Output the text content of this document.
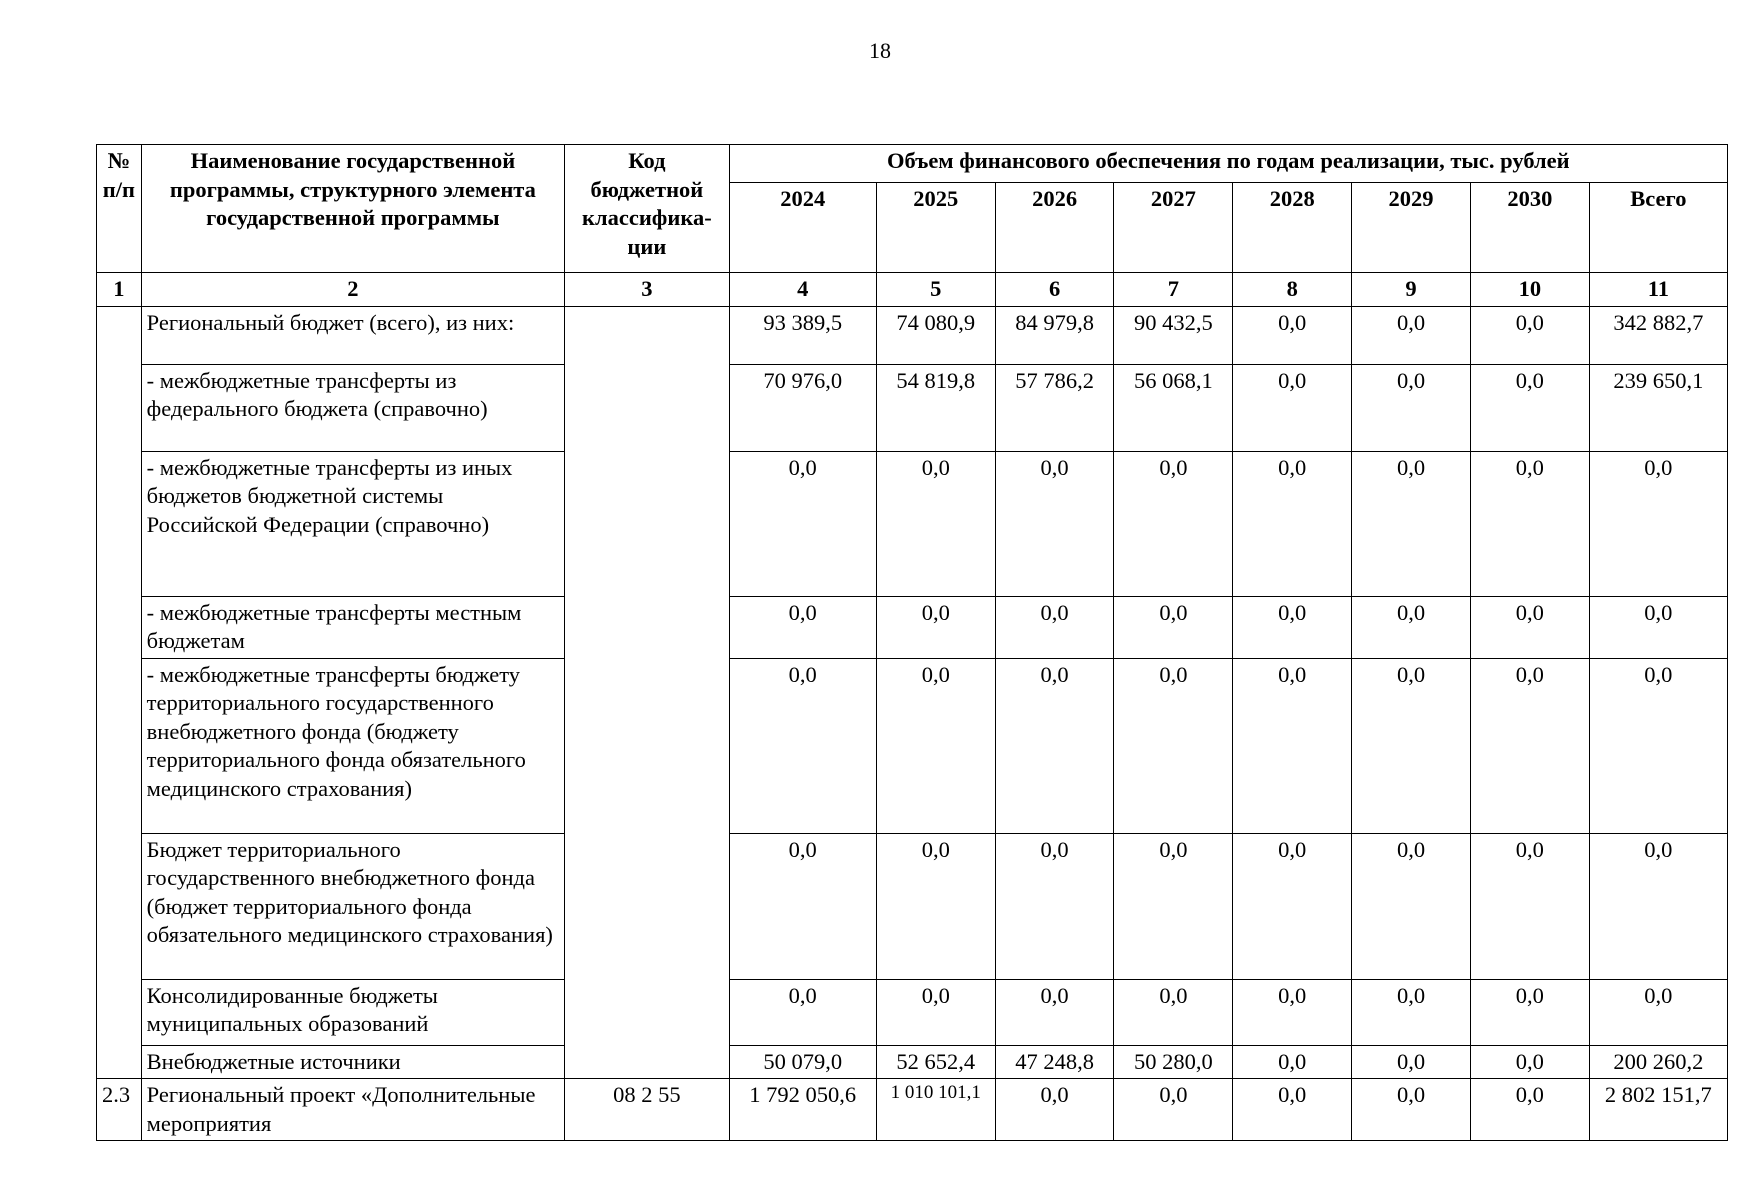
18
№ п/п	Наименование государственной программы, структурного элемента государственной программы	Код бюджетной классифика-ции	Объем финансового обеспечения по годам реализации, тыс. рублей							
			2024	2025	2026	2027	2028	2029	2030	Всего
1	2	3	4	5	6	7	8	9	10	11
	Региональный бюджет (всего), из них:		93 389,5	74 080,9	84 979,8	90 432,5	0,0	0,0	0,0	342 882,7
	- межбюджетные трансферты из федерального бюджета (справочно)		70 976,0	54 819,8	57 786,2	56 068,1	0,0	0,0	0,0	239 650,1
	- межбюджетные трансферты из иных бюджетов бюджетной системы Российской Федерации (справочно)		0,0	0,0	0,0	0,0	0,0	0,0	0,0	0,0
	- межбюджетные трансферты местным бюджетам		0,0	0,0	0,0	0,0	0,0	0,0	0,0	0,0
	- межбюджетные трансферты бюджету территориального государственного внебюджетного фонда (бюджету территориального фонда обязательного медицинского страхования)		0,0	0,0	0,0	0,0	0,0	0,0	0,0	0,0
	Бюджет территориального государственного внебюджетного фонда (бюджет территориального фонда обязательного медицинского страхования)		0,0	0,0	0,0	0,0	0,0	0,0	0,0	0,0
	Консолидированные бюджеты муниципальных образований		0,0	0,0	0,0	0,0	0,0	0,0	0,0	0,0
	Внебюджетные источники		50 079,0	52 652,4	47 248,8	50 280,0	0,0	0,0	0,0	200 260,2
2.3	Региональный проект «Дополнительные мероприятия	08 2 55	1 792 050,6	1 010 101,1	0,0	0,0	0,0	0,0	0,0	2 802 151,7
